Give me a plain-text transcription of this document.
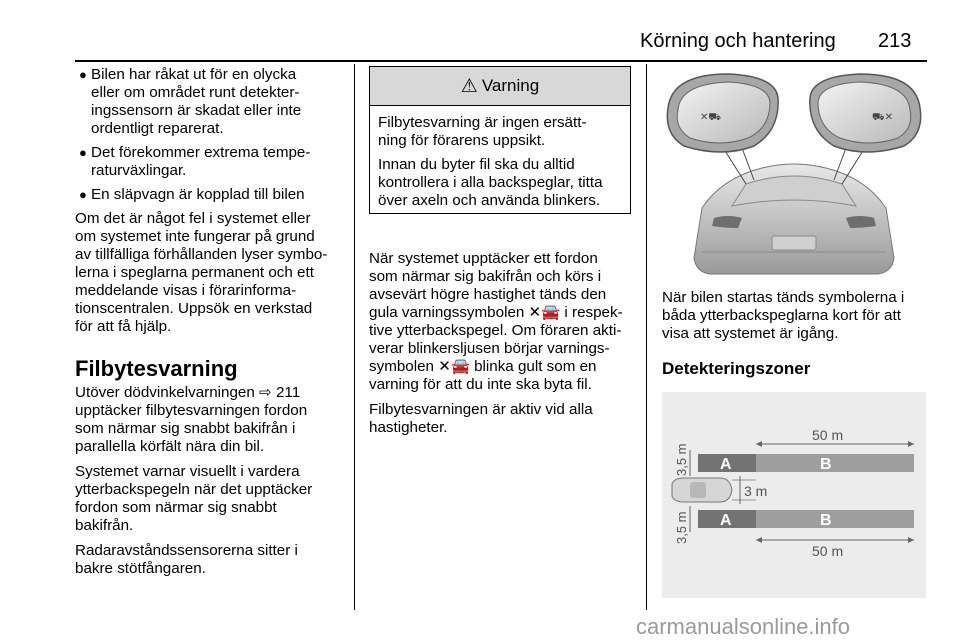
Körning och hantering 213
● Bilen har råkat ut för en olycka
eller om området runt detekter-
ingssensorn är skadat eller inte
ordentligt reparerat.
● Det förekommer extrema tempe-
raturväxlingar.
● En släpvagn är kopplad till bilen
Om det är något fel i systemet eller
om systemet inte fungerar på grund
av tillfälliga förhållanden lyser symbo-
lerna i speglarna permanent och ett
meddelande visas i förarinforma-
tionscentralen. Uppsök en verkstad
för att få hjälp.
Filbytesvarning
Utöver dödvinkelvarningen ⇨ 211
upptäcker filbytesvarningen fordon
som närmar sig snabbt bakifrån i
parallella körfält nära din bil.
Systemet varnar visuellt i vardera
ytterbackspegeln när det upptäcker
fordon som närmar sig snabbt
bakifrån.
Radaravståndssensorerna sitter i
bakre stötfångaren.
⚠ Varning
Filbytesvarning är ingen ersätt-
ning för förarens uppsikt.
Innan du byter fil ska du alltid
kontrollera i alla backspeglar, titta
över axeln och använda blinkers.
När systemet upptäcker ett fordon
som närmar sig bakifrån och körs i
avsevärt högre hastighet tänds den
gula varningssymbolen ✕🚘 i respek-
tive ytterbackspegel. Om föraren akti-
verar blinkersljusen börjar varnings-
symbolen ✕🚘 blinka gult som en
varning för att du inte ska byta fil.
Filbytesvarningen är aktiv vid alla
hastigheter.
✕⛟	⛟✕
När bilen startas tänds symbolerna i
båda ytterbackspeglarna kort för att
visa att systemet är igång.
Detekteringszoner
50 m
A	B
3,5 m
3 m
A	B
3,5 m
50 m
carmanualsonline.info
